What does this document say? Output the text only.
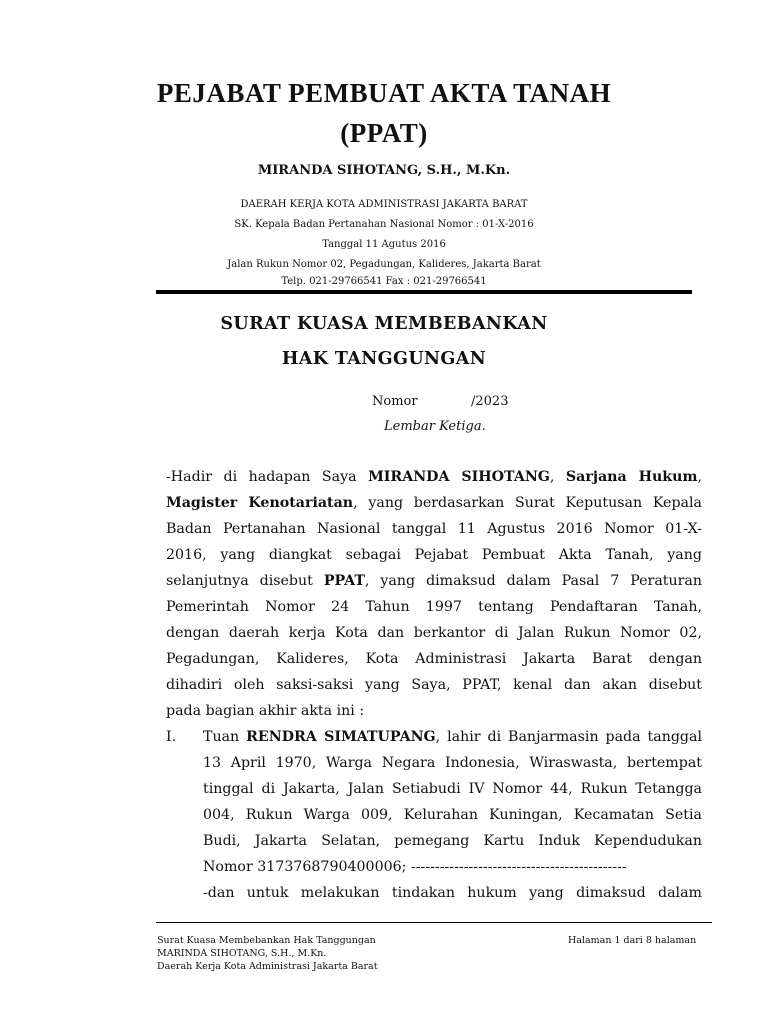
PEJABAT PEMBUAT AKTA TANAH
(PPAT)
MIRANDA SIHOTANG, S.H., M.Kn.
DAERAH KERJA KOTA ADMINISTRASI JAKARTA BARAT
SK. Kepala Badan Pertanahan Nasional Nomor : 01-X-2016
Tanggal 11 Agutus 2016
Jalan Rukun Nomor 02, Pegadungan, Kalideres, Jakarta Barat
Telp. 021-29766541 Fax : 021-29766541
SURAT KUASA MEMBEBANKAN
HAK TANGGUNGAN
Nomor	/2023
Lembar Ketiga.
-Hadir di hadapan Saya MIRANDA SIHOTANG, Sarjana Hukum,
Magister Kenotariatan, yang berdasarkan Surat Keputusan Kepala
Badan Pertanahan Nasional tanggal 11 Agustus 2016 Nomor 01-X-
2016, yang diangkat sebagai Pejabat Pembuat Akta Tanah, yang
selanjutnya disebut PPAT, yang dimaksud dalam Pasal 7 Peraturan
Pemerintah Nomor 24 Tahun 1997 tentang Pendaftaran Tanah,
dengan daerah kerja Kota dan berkantor di Jalan Rukun Nomor 02,
Pegadungan, Kalideres, Kota Administrasi Jakarta Barat dengan
dihadiri oleh saksi-saksi yang Saya, PPAT, kenal dan akan disebut
pada bagian akhir akta ini :
I.	Tuan RENDRA SIMATUPANG, lahir di Banjarmasin pada tanggal
13 April 1970, Warga Negara Indonesia, Wiraswasta, bertempat
tinggal di Jakarta, Jalan Setiabudi IV Nomor 44, Rukun Tetangga
004, Rukun Warga 009, Kelurahan Kuningan, Kecamatan Setia
Budi, Jakarta Selatan, pemegang Kartu Induk Kependudukan
Nomor 3173768790400006; ---------------------------------------------
-dan untuk melakukan tindakan hukum yang dimaksud dalam
Surat Kuasa Membebankan Hak Tanggungan
MARINDA SIHOTANG, S.H., M.Kn.
Daerah Kerja Kota Administrasi Jakarta Barat
Halaman 1 dari 8 halaman
